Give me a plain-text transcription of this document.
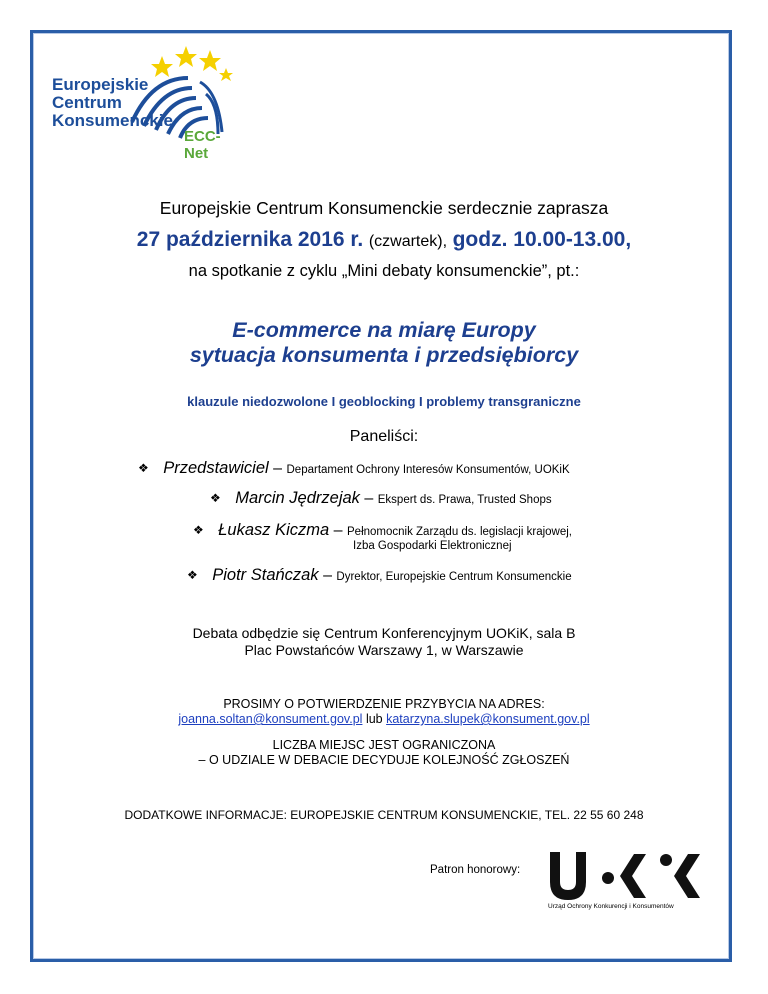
Europejskie
Centrum
Konsumenckie
ECC-Net
Europejskie Centrum Konsumenckie serdecznie zaprasza
27 października 2016 r. (czwartek), godz. 10.00-13.00,
na spotkanie z cyklu „Mini debaty konsumenckie”, pt.:
E-commerce na miarę Europy
sytuacja konsumenta i przedsiębiorcy
klauzule niedozwolone I geoblocking I problemy transgraniczne
Paneliści:
❖ Przedstawiciel – Departament Ochrony Interesów Konsumentów, UOKiK
❖ Marcin Jędrzejak – Ekspert ds. Prawa, Trusted Shops
❖ Łukasz Kiczma – Pełnomocnik Zarządu ds. legislacji krajowej,
Izba Gospodarki Elektronicznej
❖ Piotr Stańczak – Dyrektor, Europejskie Centrum Konsumenckie
Debata odbędzie się Centrum Konferencyjnym UOKiK, sala B
Plac Powstańców Warszawy 1, w Warszawie
PROSIMY O POTWIERDZENIE PRZYBYCIA NA ADRES:
joanna.soltan@konsument.gov.pl lub katarzyna.slupek@konsument.gov.pl
LICZBA MIEJSC JEST OGRANICZONA
– O UDZIALE W DEBACIE DECYDUJE KOLEJNOŚĆ ZGŁOSZEŃ
DODATKOWE INFORMACJE: EUROPEJSKIE CENTRUM KONSUMENCKIE, TEL. 22 55 60 248
Patron honorowy:
Urząd Ochrony Konkurencji i Konsumentów
